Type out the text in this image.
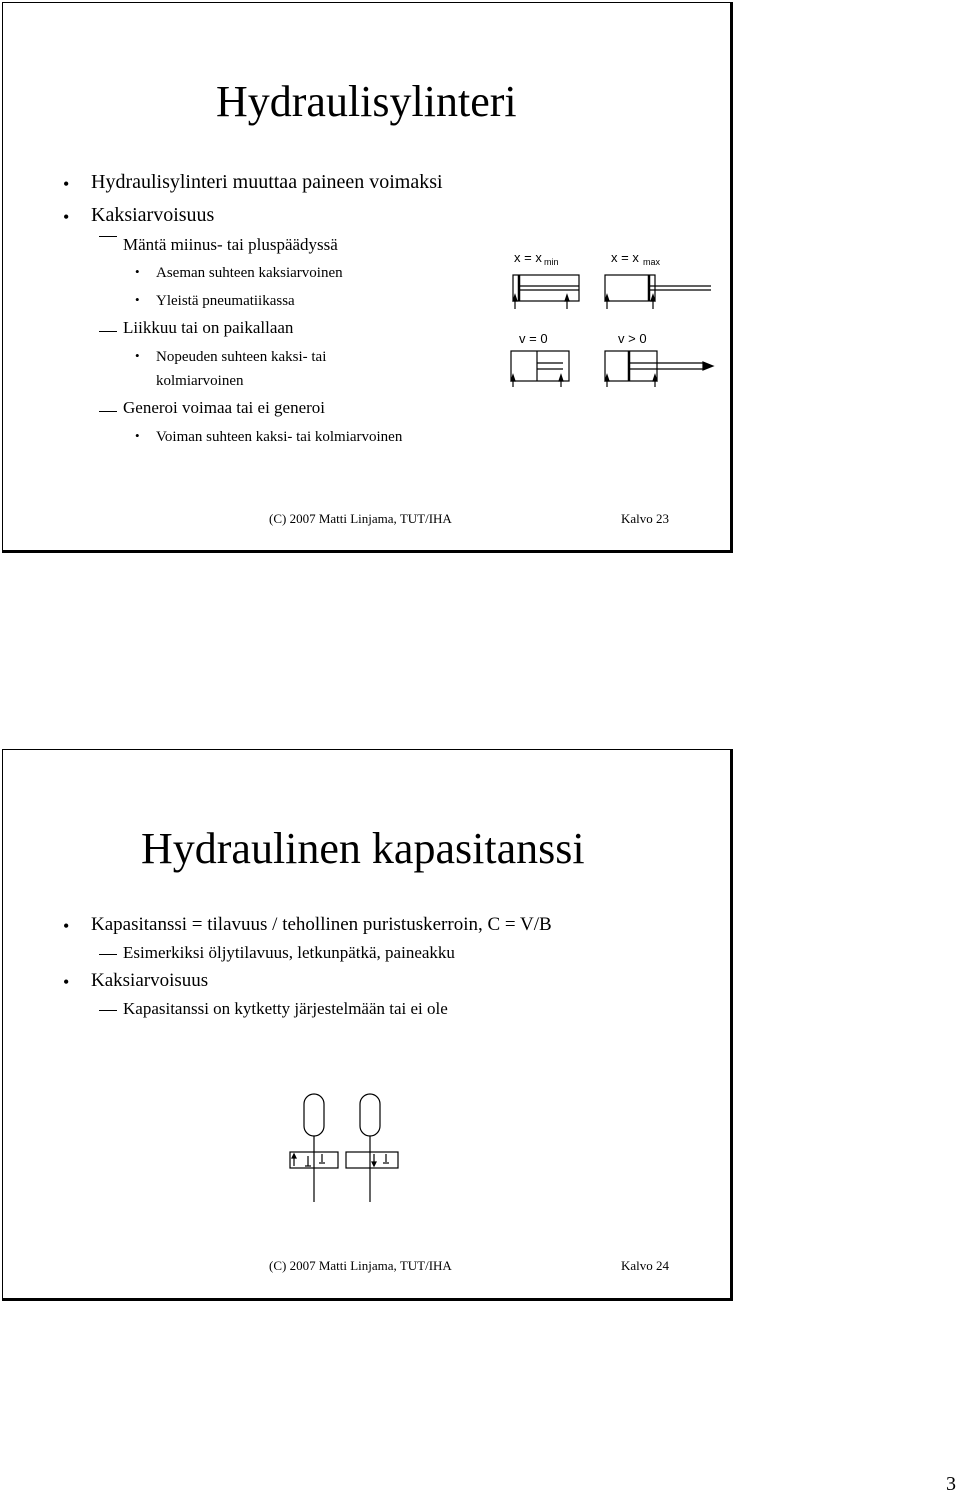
Hydraulisylinteri
• Hydraulisylinteri muuttaa paineen voimaksi
• Kaksiarvoisuus
Mäntä miinus- tai pluspäädyssä
• Aseman suhteen kaksiarvoinen
• Yleistä pneumatiikassa
Liikkuu tai on paikallaan
• Nopeuden suhteen kaksi- tai
kolmiarvoinen
Generoi voimaa tai ei generoi
• Voiman suhteen kaksi- tai kolmiarvoinen
x = x min	x = x max
v = 0	v > 0
(C) 2007 Matti Linjama, TUT/IHA	Kalvo 23
Hydraulinen kapasitanssi
• Kapasitanssi = tilavuus / tehollinen puristuskerroin, C = V/B
Esimerkiksi öljytilavuus, letkunpätkä, paineakku
• Kaksiarvoisuus
Kapasitanssi on kytketty järjestelmään tai ei ole
(C) 2007 Matti Linjama, TUT/IHA	Kalvo 24
3
